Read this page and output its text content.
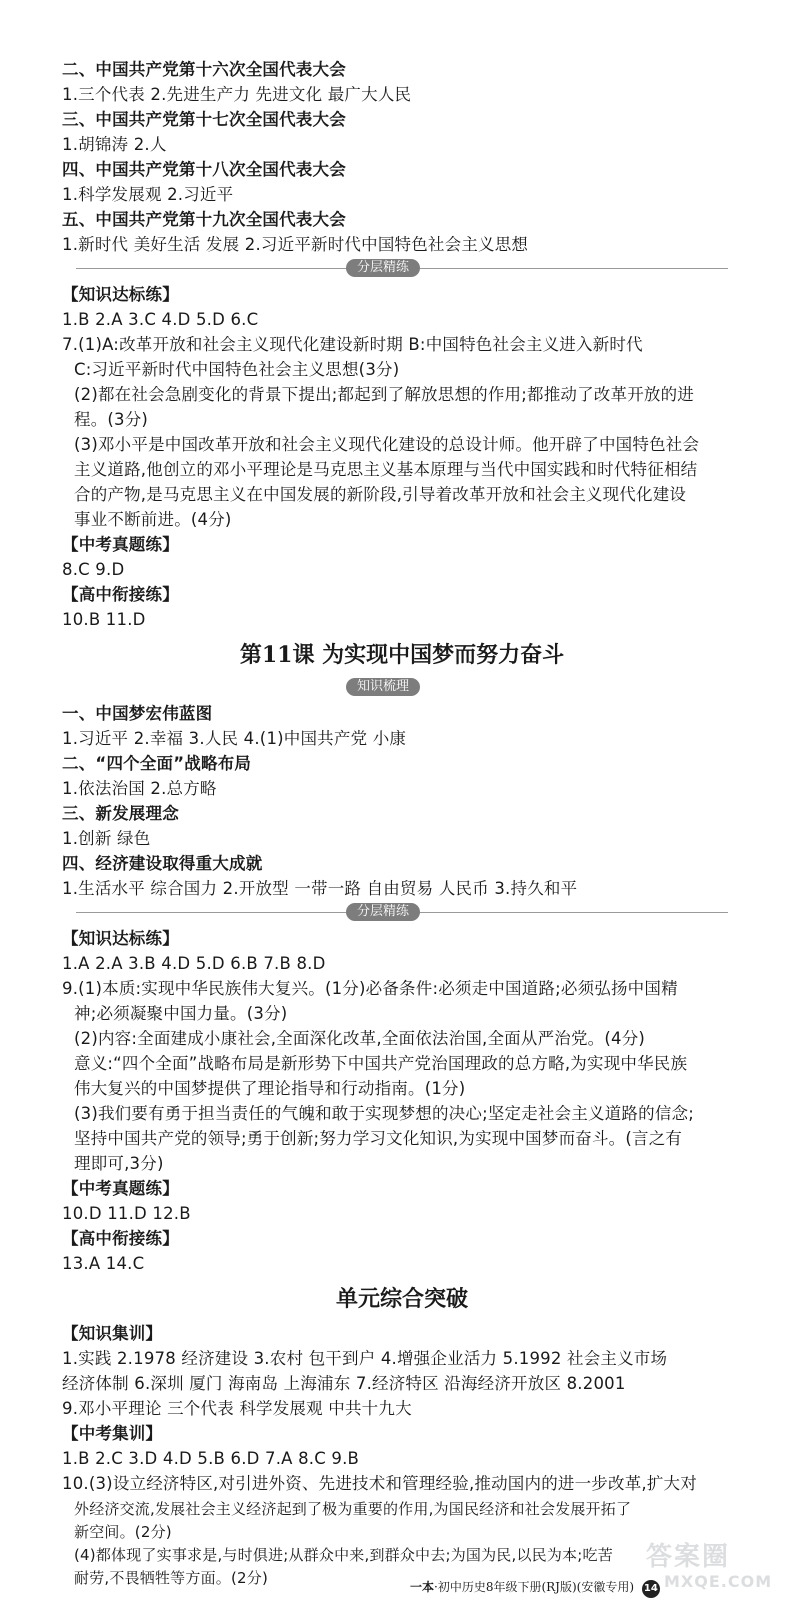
二、中国共产党第十六次全国代表大会
1.三个代表 2.先进生产力 先进文化 最广大人民
三、中国共产党第十七次全国代表大会
1.胡锦涛 2.人
四、中国共产党第十八次全国代表大会
1.科学发展观 2.习近平
五、中国共产党第十九次全国代表大会
1.新时代 美好生活 发展 2.习近平新时代中国特色社会主义思想
分层精练
【知识达标练】
1.B 2.A 3.C 4.D 5.D 6.C
7.(1)A:改革开放和社会主义现代化建设新时期 B:中国特色社会主义进入新时代
C:习近平新时代中国特色社会主义思想(3分)
(2)都在社会急剧变化的背景下提出;都起到了解放思想的作用;都推动了改革开放的进
程。(3分)
(3)邓小平是中国改革开放和社会主义现代化建设的总设计师。他开辟了中国特色社会
主义道路,他创立的邓小平理论是马克思主义基本原理与当代中国实践和时代特征相结
合的产物,是马克思主义在中国发展的新阶段,引导着改革开放和社会主义现代化建设
事业不断前进。(4分)
【中考真题练】
8.C 9.D
【高中衔接练】
10.B 11.D
第11课 为实现中国梦而努力奋斗
知识梳理
一、中国梦宏伟蓝图
1.习近平 2.幸福 3.人民 4.(1)中国共产党 小康
二、“四个全面”战略布局
1.依法治国 2.总方略
三、新发展理念
1.创新 绿色
四、经济建设取得重大成就
1.生活水平 综合国力 2.开放型 一带一路 自由贸易 人民币 3.持久和平
分层精练
【知识达标练】
1.A 2.A 3.B 4.D 5.D 6.B 7.B 8.D
9.(1)本质:实现中华民族伟大复兴。(1分)必备条件:必须走中国道路;必须弘扬中国精
神;必须凝聚中国力量。(3分)
(2)内容:全面建成小康社会,全面深化改革,全面依法治国,全面从严治党。(4分)
意义:“四个全面”战略布局是新形势下中国共产党治国理政的总方略,为实现中华民族
伟大复兴的中国梦提供了理论指导和行动指南。(1分)
(3)我们要有勇于担当责任的气魄和敢于实现梦想的决心;坚定走社会主义道路的信念;
坚持中国共产党的领导;勇于创新;努力学习文化知识,为实现中国梦而奋斗。(言之有
理即可,3分)
【中考真题练】
10.D 11.D 12.B
【高中衔接练】
13.A 14.C
单元综合突破
【知识集训】
1.实践 2.1978 经济建设 3.农村 包干到户 4.增强企业活力 5.1992 社会主义市场
经济体制 6.深圳 厦门 海南岛 上海浦东 7.经济特区 沿海经济开放区 8.2001
9.邓小平理论 三个代表 科学发展观 中共十九大
【中考集训】
1.B 2.C 3.D 4.D 5.B 6.D 7.A 8.C 9.B
10.(3)设立经济特区,对引进外资、先进技术和管理经验,推动国内的进一步改革,扩大对
外经济交流,发展社会主义经济起到了极为重要的作用,为国民经济和社会发展开拓了
新空间。(2分)
(4)都体现了实事求是,与时俱进;从群众中来,到群众中去;为国为民,以民为本;吃苦
耐劳,不畏牺牲等方面。(2分)	一本·初中历史8年级下册(RJ版)(安徽专用) 14
答案圈
MXQE.COM
